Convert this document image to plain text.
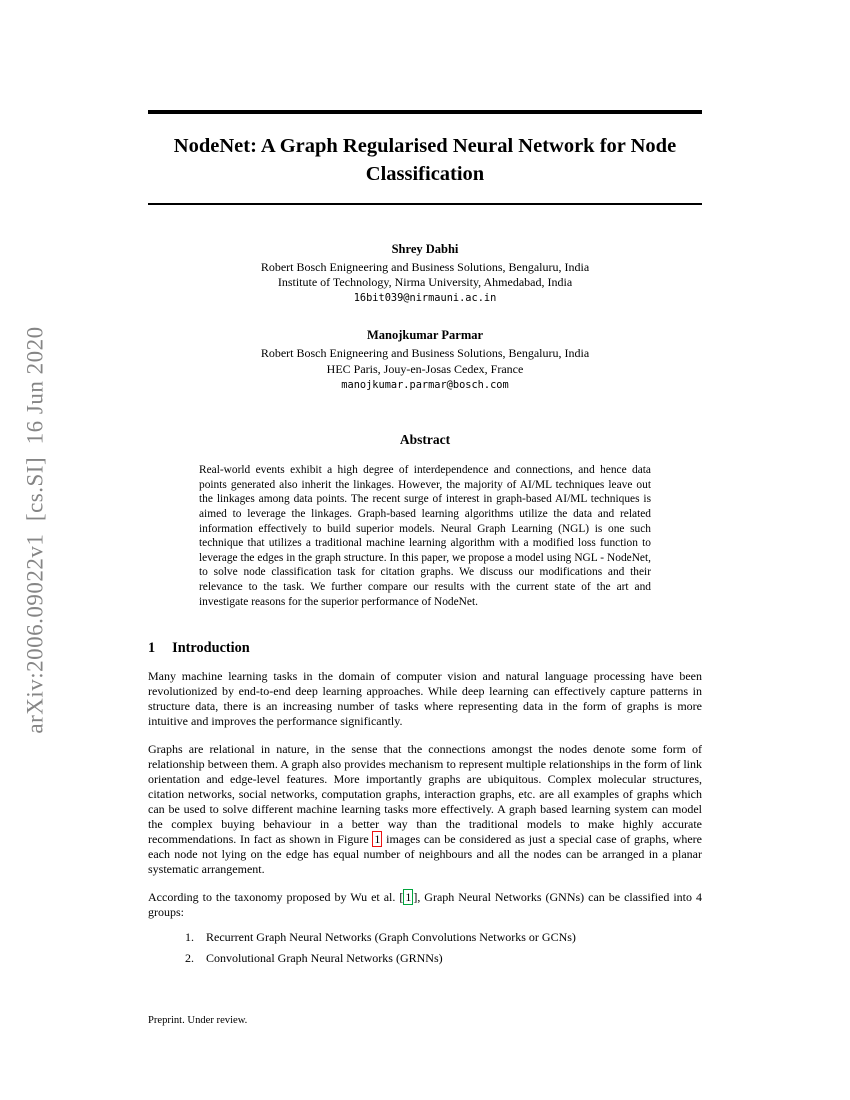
arXiv:2006.09022v1  [cs.SI]  16 Jun 2020
NodeNet: A Graph Regularised Neural Network for Node Classification
Shrey Dabhi
Robert Bosch Enigneering and Business Solutions, Bengaluru, India
Institute of Technology, Nirma University, Ahmedabad, India
16bit039@nirmauni.ac.in
Manojkumar Parmar
Robert Bosch Enigneering and Business Solutions, Bengaluru, India
HEC Paris, Jouy-en-Josas Cedex, France
manojkumar.parmar@bosch.com
Abstract
Real-world events exhibit a high degree of interdependence and connections, and hence data points generated also inherit the linkages. However, the majority of AI/ML techniques leave out the linkages among data points. The recent surge of interest in graph-based AI/ML techniques is aimed to leverage the linkages. Graph-based learning algorithms utilize the data and related information effectively to build superior models. Neural Graph Learning (NGL) is one such technique that utilizes a traditional machine learning algorithm with a modified loss function to leverage the edges in the graph structure. In this paper, we propose a model using NGL - NodeNet, to solve node classification task for citation graphs. We discuss our modifications and their relevance to the task. We further compare our results with the current state of the art and investigate reasons for the superior performance of NodeNet.
1 Introduction

Many machine learning tasks in the domain of computer vision and natural language processing have been revolutionized by end-to-end deep learning approaches. While deep learning can effectively capture patterns in structure data, there is an increasing number of tasks where representing data in the form of graphs is more intuitive and improves the performance significantly.

Graphs are relational in nature, in the sense that the connections amongst the nodes denote some form of relationship between them. A graph also provides mechanism to represent multiple relationships in the form of link orientation and edge-level features. More importantly graphs are ubiquitous. Complex molecular structures, citation networks, social networks, computation graphs, interaction graphs, etc. are all examples of graphs which can be used to solve different machine learning tasks more effectively. A graph based learning system can model the complex buying behaviour in a better way than the traditional models to make highly accurate recommendations. In fact as shown in Figure 1 images can be considered as just a special case of graphs, where each node not lying on the edge has equal number of neighbours and all the nodes can be arranged in a planar systematic arrangement.

According to the taxonomy proposed by Wu et al. [ 1 ], Graph Neural Networks (GNNs) can be classified into 4 groups:

1.	Recurrent Graph Neural Networks (Graph Convolutions Networks or GCNs)
2.	Convolutional Graph Neural Networks (GRNNs)
Preprint. Under review.
